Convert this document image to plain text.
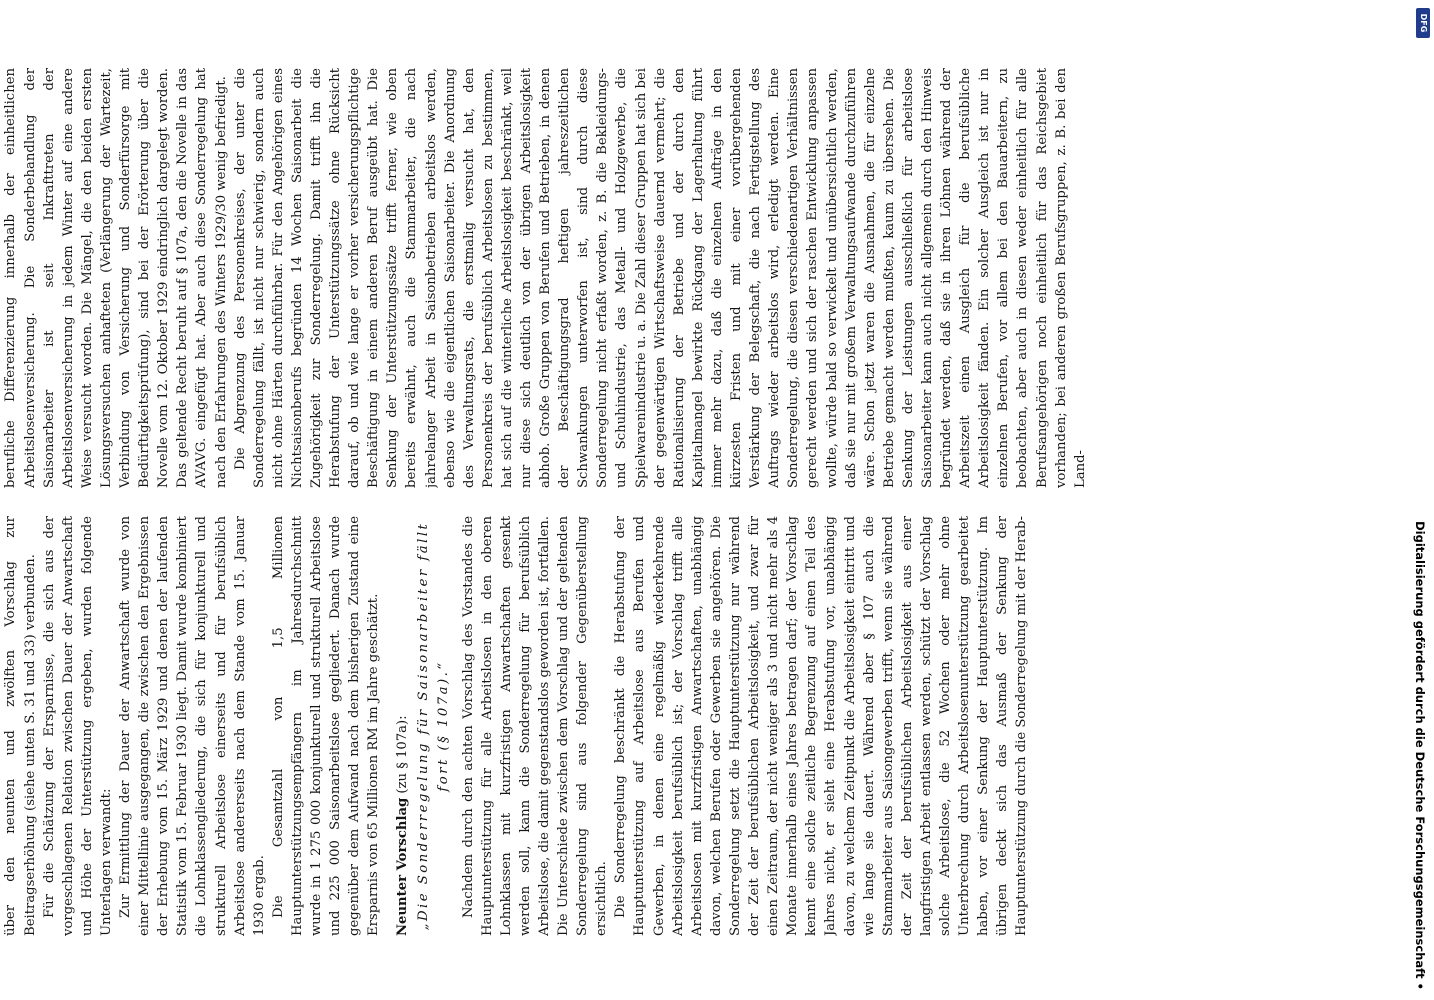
über den neunten und zwölften Vorschlag zur Beitragserhöhung (siehe unten S. 31 und 33) verbunden. Für die Schätzung der Ersparnisse, die sich aus der vorgeschlagenen Relation zwischen Dauer der Anwartschaft und Höhe der Unterstützung ergeben, wurden folgende Unterlagen verwandt: Zur Ermittlung der Dauer der Anwartschaft wurde von einer Mittellinie ausgegangen, die zwischen den Ergebnissen der Erhebung vom 15. März 1929 und denen der laufenden Statistik vom 15. Februar 1930 liegt. Damit wurde kombiniert die Lohnklassengliederung, die sich für konjunkturell und strukturell Arbeitslose einerseits und für berufsüblich Arbeitslose andererseits nach dem Stande vom 15. Januar 1930 ergab. Die Gesamtzahl von 1,5 Millionen Hauptunterstützungsempfängern im Jahresdurchschnitt wurde in 1 275 000 konjunkturell und strukturell Arbeitslose und 225 000 Saisonarbeitslose gegliedert. Danach wurde gegenüber dem Aufwand nach dem bisherigen Zustand eine Ersparnis von 65 Millionen RM im Jahre geschätzt. Neunter Vorschlag (zu § 107a): „Die Sonderregelung für Saisonarbeiter fällt fort (§ 107a).“ Nachdem durch den achten Vorschlag des Vorstandes die Hauptunterstützung für alle Arbeitslosen in den oberen Lohnklassen mit kurzfristigen Anwartschaften gesenkt werden soll, kann die Sonderregelung für berufsüblich Arbeitslose, die damit gegenstandslos geworden ist, fortfallen. Die Unterschiede zwischen dem Vorschlag und der geltenden Sonderregelung sind aus folgender Gegenüberstellung ersichtlich. Die Sonderregelung beschränkt die Herabstufung der Hauptunterstützung auf Arbeitslose aus Berufen und Gewerben, in denen eine regelmäßig wiederkehrende Arbeitslosigkeit berufsüblich ist; der Vorschlag trifft alle Arbeitslosen mit kurzfristigen Anwartschaften, unabhängig davon, welchen Berufen oder Gewerben sie angehören. Die Sonderregelung setzt die Hauptunterstützung nur während der Zeit der berufsüblichen Arbeitslosigkeit, und zwar für einen Zeitraum, der nicht weniger als 3 und nicht mehr als 4 Monate innerhalb eines Jahres betragen darf; der Vorschlag kennt eine solche zeitliche Begrenzung auf einen Teil des Jahres nicht, er sieht eine Herabstufung vor, unabhängig davon, zu welchem Zeitpunkt die Arbeitslosigkeit eintritt und wie lange sie dauert. Während aber § 107 auch die Stammarbeiter aus Saisongewerben trifft, wenn sie während der Zeit der berufsüblichen Arbeitslosigkeit aus einer langfristigen Arbeit entlassen werden, schützt der Vorschlag solche Arbeitslose, die 52 Wochen oder mehr ohne Unterbrechung durch Arbeitslosenunterstützung gearbeitet haben, vor einer Senkung der Hauptunterstützung. Im übrigen deckt sich das Ausmaß der Senkung der Hauptunterstützung durch die Sonderregelung mit der Herab-

berufliche Differenzierung innerhalb der einheitlichen Arbeitslosenversicherung. Die Sonderbehandlung der Saisonarbeiter ist seit Inkrafttreten der Arbeitslosenversicherung in jedem Winter auf eine andere Weise versucht worden. Die Mängel, die den beiden ersten Lösungsversuchen anhafteten (Verlängerung der Wartezeit, Verbindung von Versicherung und Sonderfürsorge mit Bedürftigkeitsprüfung), sind bei der Erörterung über die Novelle vom 12. Oktober 1929 eindringlich dargelegt worden. Das geltende Recht beruht auf § 107a, den die Novelle in das AVAVG. eingefügt hat. Aber auch diese Sonderregelung hat nach den Erfahrungen des Winters 1929/30 wenig befriedigt. Die Abgrenzung des Personenkreises, der unter die Sonderregelung fällt, ist nicht nur schwierig, sondern auch nicht ohne Härten durchführbar. Für den Angehörigen eines Nichtsaisonberufs begründen 14 Wochen Saisonarbeit die Zugehörigkeit zur Sonderregelung. Damit trifft ihn die Herabstufung der Unterstützungssätze ohne Rücksicht darauf, ob und wie lange er vorher versicherungspflichtige Beschäftigung in einem anderen Beruf ausgeübt hat. Die Senkung der Unterstützungssätze trifft ferner, wie oben bereits erwähnt, auch die Stammarbeiter, die nach jahrelanger Arbeit in Saisonbetrieben arbeitslos werden, ebenso wie die eigentlichen Saisonarbeiter. Die Anordnung des Verwaltungsrats, die erstmalig versucht hat, den Personenkreis der berufsüblich Arbeitslosen zu bestimmen, hat sich auf die winterliche Arbeitslosigkeit beschränkt, weil nur diese sich deutlich von der übrigen Arbeitslosigkeit abhob. Große Gruppen von Berufen und Betrieben, in denen der Beschäftigungsgrad heftigen jahreszeitlichen Schwankungen unterworfen ist, sind durch diese Sonderregelung nicht erfaßt worden, z. B. die Bekleidungs- und Schuhindustrie, das Metall- und Holzgewerbe, die Spielwarenindustrie u. a. Die Zahl dieser Gruppen hat sich bei der gegenwärtigen Wirtschaftsweise dauernd vermehrt; die Rationalisierung der Betriebe und der durch den Kapitalmangel bewirkte Rückgang der Lagerhaltung führt immer mehr dazu, daß die einzelnen Aufträge in den kürzesten Fristen und mit einer vorübergehenden Verstärkung der Belegschaft, die nach Fertigstellung des Auftrags wieder arbeitslos wird, erledigt werden. Eine Sonderregelung, die diesen verschiedenartigen Verhältnissen gerecht werden und sich der raschen Entwicklung anpassen wollte, würde bald so verwickelt und unübersichtlich werden, daß sie nur mit großem Verwaltungsaufwande durchzuführen wäre. Schon jetzt waren die Ausnahmen, die für einzelne Betriebe gemacht werden mußten, kaum zu übersehen. Die Senkung der Leistungen ausschließlich für arbeitslose Saisonarbeiter kann auch nicht allgemein durch den Hinweis begründet werden, daß sie in ihren Löhnen während der Arbeitszeit einen Ausgleich für die berufsübliche Arbeitslosigkeit fänden. Ein solcher Ausgleich ist nur in einzelnen Berufen, vor allem bei den Bauarbeitern, zu beobachten, aber auch in diesen weder einheitlich für alle Berufsangehörigen noch einheitlich für das Reichsgebiet vorhanden; bei anderen großen Berufsgruppen, z. B. bei den Land-

Digitalisierung gefördert durch die Deutsche Forschungsgemeinschaft •
DFG
